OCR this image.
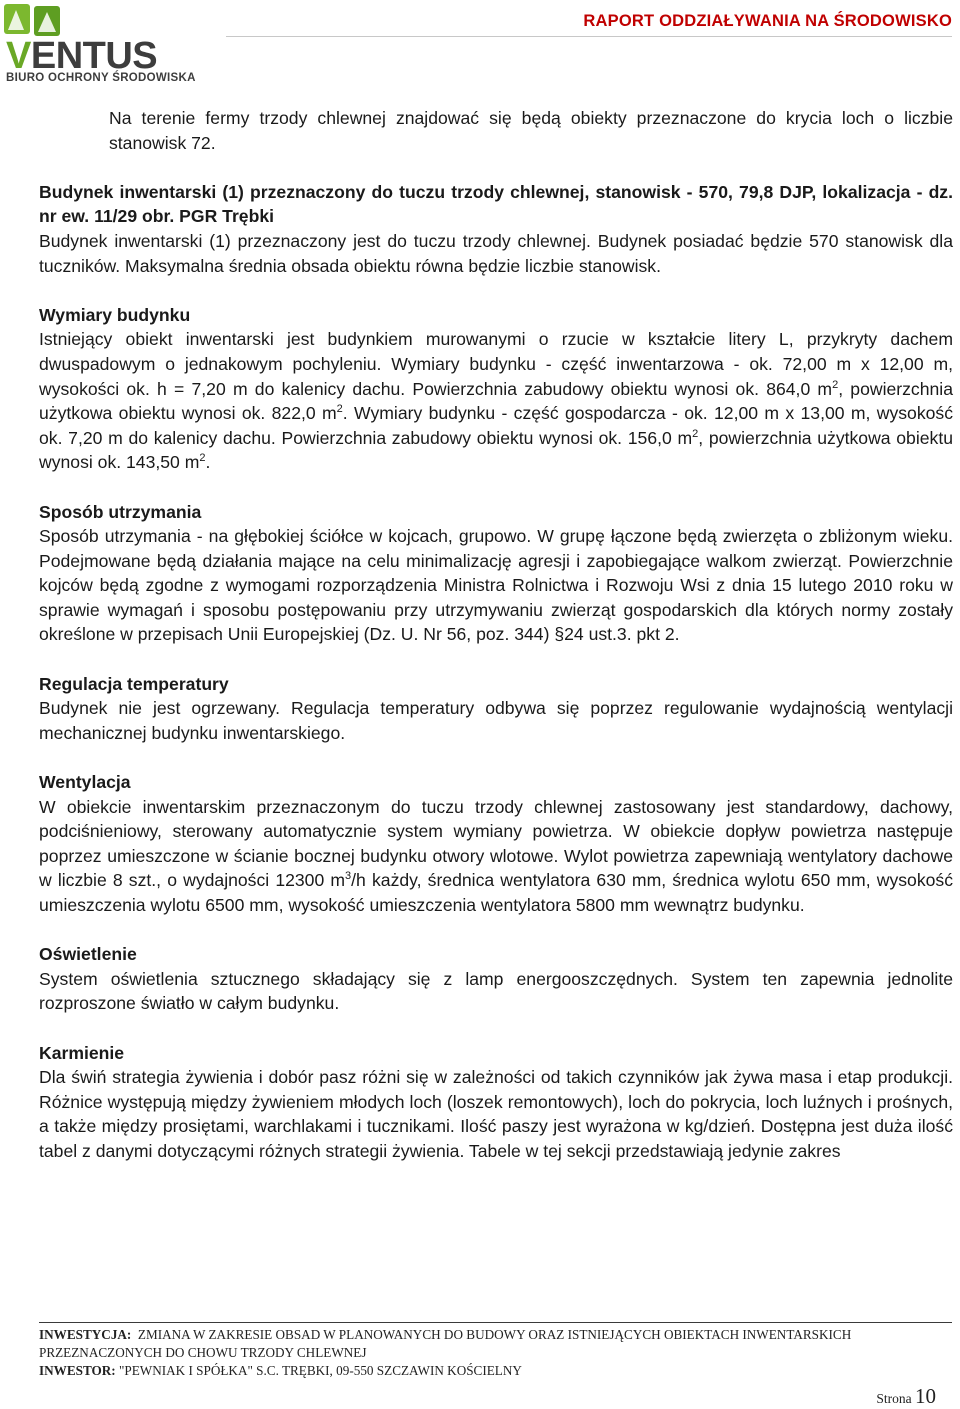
VENTUS
BIURO OCHRONY ŚRODOWISKA
RAPORT ODDZIAŁYWANIA NA ŚRODOWISKO

Na terenie fermy trzody chlewnej znajdować się będą obiekty przeznaczone do krycia loch o liczbie stanowisk 72.

Budynek inwentarski (1) przeznaczony do tuczu trzody chlewnej, stanowisk - 570, 79,8 DJP, lokalizacja - dz. nr ew. 11/29 obr. PGR Trębki

Budynek inwentarski (1) przeznaczony jest do tuczu trzody chlewnej. Budynek posiadać będzie 570 stanowisk dla tuczników. Maksymalna średnia obsada obiektu równa będzie liczbie stanowisk.

Wymiary budynku

Istniejący obiekt inwentarski jest budynkiem murowanymi o rzucie w kształcie litery L, przykryty dachem dwuspadowym o jednakowym pochyleniu. Wymiary budynku - część inwentarzowa - ok. 72,00 m x 12,00 m, wysokości ok. h = 7,20 m do kalenicy dachu. Powierzchnia zabudowy obiektu wynosi ok. 864,0 $m^2$, powierzchnia użytkowa obiektu wynosi ok. 822,0 $m^2$. Wymiary budynku - część gospodarcza - ok. 12,00 m x 13,00 m, wysokość ok. 7,20 m do kalenicy dachu. Powierzchnia zabudowy obiektu wynosi ok. 156,0 $m^2$, powierzchnia użytkowa obiektu wynosi ok. 143,50 $m^2$.

Sposób utrzymania

Sposób utrzymania - na głębokiej ściółce w kojcach, grupowo. W grupę łączone będą zwierzęta o zbliżonym wieku. Podejmowane będą działania mające na celu minimalizację agresji i zapobiegające walkom zwierząt. Powierzchnie kojców będą zgodne z wymogami rozporządzenia Ministra Rolnictwa i Rozwoju Wsi z dnia 15 lutego 2010 roku w sprawie wymagań i sposobu postępowaniu przy utrzymywaniu zwierząt gospodarskich dla których normy zostały określone w przepisach Unii Europejskiej (Dz. U. Nr 56, poz. 344) §24 ust.3. pkt 2.

Regulacja temperatury

Budynek nie jest ogrzewany. Regulacja temperatury odbywa się poprzez regulowanie wydajnością wentylacji mechanicznej budynku inwentarskiego.

Wentylacja

W obiekcie inwentarskim przeznaczonym do tuczu trzody chlewnej zastosowany jest standardowy, dachowy, podciśnieniowy, sterowany automatycznie system wymiany powietrza. W obiekcie dopływ powietrza następuje poprzez umieszczone w ścianie bocznej budynku otwory wlotowe. Wylot powietrza zapewniają wentylatory dachowe w liczbie 8 szt., o wydajności 12300 $m^3/h$ każdy, średnica wentylatora 630 mm, średnica wylotu 650 mm, wysokość umieszczenia wylotu 6500 mm, wysokość umieszczenia wentylatora 5800 mm wewnątrz budynku.

Oświetlenie

System oświetlenia sztucznego składający się z lamp energooszczędnych. System ten zapewnia jednolite rozproszone światło w całym budynku.

Karmienie

Dla świń strategia żywienia i dobór pasz różni się w zależności od takich czynników jak żywa masa i etap produkcji. Różnice występują między żywieniem młodych loch (loszek remontowych), loch do pokrycia, loch luźnych i prośnych, a także między prosiętami, warchlakami i tucznikami. Ilość paszy jest wyrażona w kg/dzień. Dostępna jest duża ilość tabel z danymi dotyczącymi różnych strategii żywienia. Tabele w tej sekcji przedstawiają jedynie zakres

INWESTYCJA: ZMIANA W ZAKRESIE OBSAD W PLANOWANYCH DO BUDOWY ORAZ ISTNIEJĄCYCH OBIEKTACH INWENTARSKICH
PRZEZNACZONYCH DO CHOWU TRZODY CHLEWNEJ
INWESTOR: "PEWNIAK I SPÓŁKA" S.C. TRĘBKI, 09-550 SZCZAWIN KOŚCIELNY
Strona 10
